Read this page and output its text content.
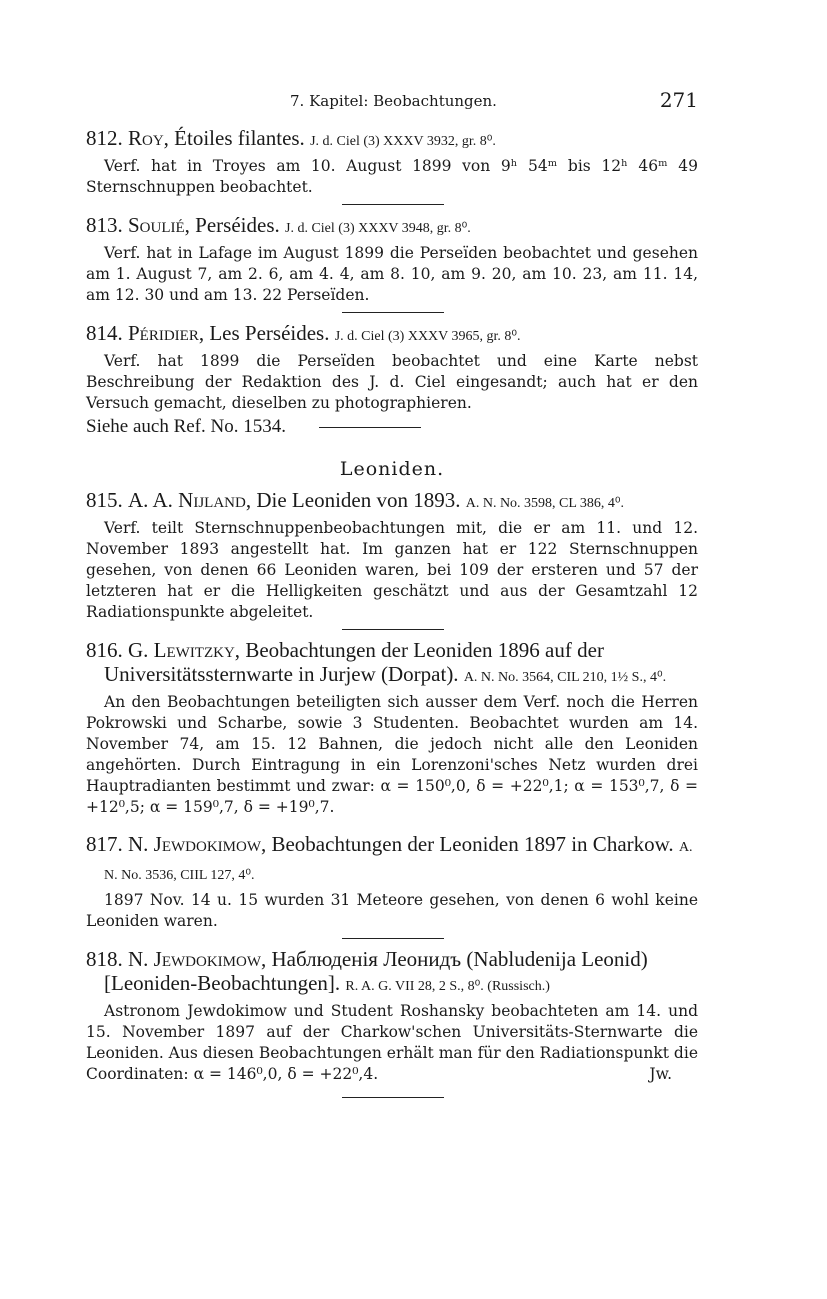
7. Kapitel: Beobachtungen.	271

812. Roy, Étoiles filantes. J. d. Ciel (3) XXXV 3932, gr. 8⁰.

Verf. hat in Troyes am 10. August 1899 von 9ʰ 54ᵐ bis 12ʰ 46ᵐ 49 Sternschnuppen beobachtet.

813. Soulié, Perséides. J. d. Ciel (3) XXXV 3948, gr. 8⁰.

Verf. hat in Lafage im August 1899 die Perseïden beobachtet und gesehen am 1. August 7, am 2. 6, am 4. 4, am 8. 10, am 9. 20, am 10. 23, am 11. 14, am 12. 30 und am 13. 22 Perseïden.

814. Péridier, Les Perséides. J. d. Ciel (3) XXXV 3965, gr. 8⁰.

Verf. hat 1899 die Perseïden beobachtet und eine Karte nebst Beschreibung der Redaktion des J. d. Ciel eingesandt; auch hat er den Versuch gemacht, dieselben zu photographieren.

Siehe auch Ref. No. 1534.
Leoniden.

815. A. A. Nijland, Die Leoniden von 1893. A. N. No. 3598, CL 386, 4⁰.

Verf. teilt Sternschnuppenbeobachtungen mit, die er am 11. und 12. November 1893 angestellt hat. Im ganzen hat er 122 Sternschnuppen gesehen, von denen 66 Leoniden waren, bei 109 der ersteren und 57 der letzteren hat er die Helligkeiten geschätzt und aus der Gesamtzahl 12 Radiationspunkte abgeleitet.

816. G. Lewitzky, Beobachtungen der Leoniden 1896 auf der Universitätssternwarte in Jurjew (Dorpat). A. N. No. 3564, CIL 210, 1½ S., 4⁰.

An den Beobachtungen beteiligten sich ausser dem Verf. noch die Herren Pokrowski und Scharbe, sowie 3 Studenten. Beobachtet wurden am 14. November 74, am 15. 12 Bahnen, die jedoch nicht alle den Leoniden angehörten. Durch Eintragung in ein Lorenzoni'sches Netz wurden drei Hauptradianten bestimmt und zwar: α = 150⁰,0, δ = +22⁰,1; α = 153⁰,7, δ = +12⁰,5; α = 159⁰,7, δ = +19⁰,7.

817. N. Jewdokimow, Beobachtungen der Leoniden 1897 in Charkow. A. N. No. 3536, CIIL 127, 4⁰.

1897 Nov. 14 u. 15 wurden 31 Meteore gesehen, von denen 6 wohl keine Leoniden waren.

818. N. Jewdokimow, Наблюденія Леонидъ (Nabludenija Leonid) [Leoniden-Beobachtungen]. R. A. G. VII 28, 2 S., 8⁰. (Russisch.)

Astronom Jewdokimow und Student Roshansky beobachteten am 14. und 15. November 1897 auf der Charkow'schen Universitäts-Sternwarte die Leoniden. Aus diesen Beobachtungen erhält man für den Radiationspunkt die Coordinaten: α = 146⁰,0, δ = +22⁰,4.	Jw.
